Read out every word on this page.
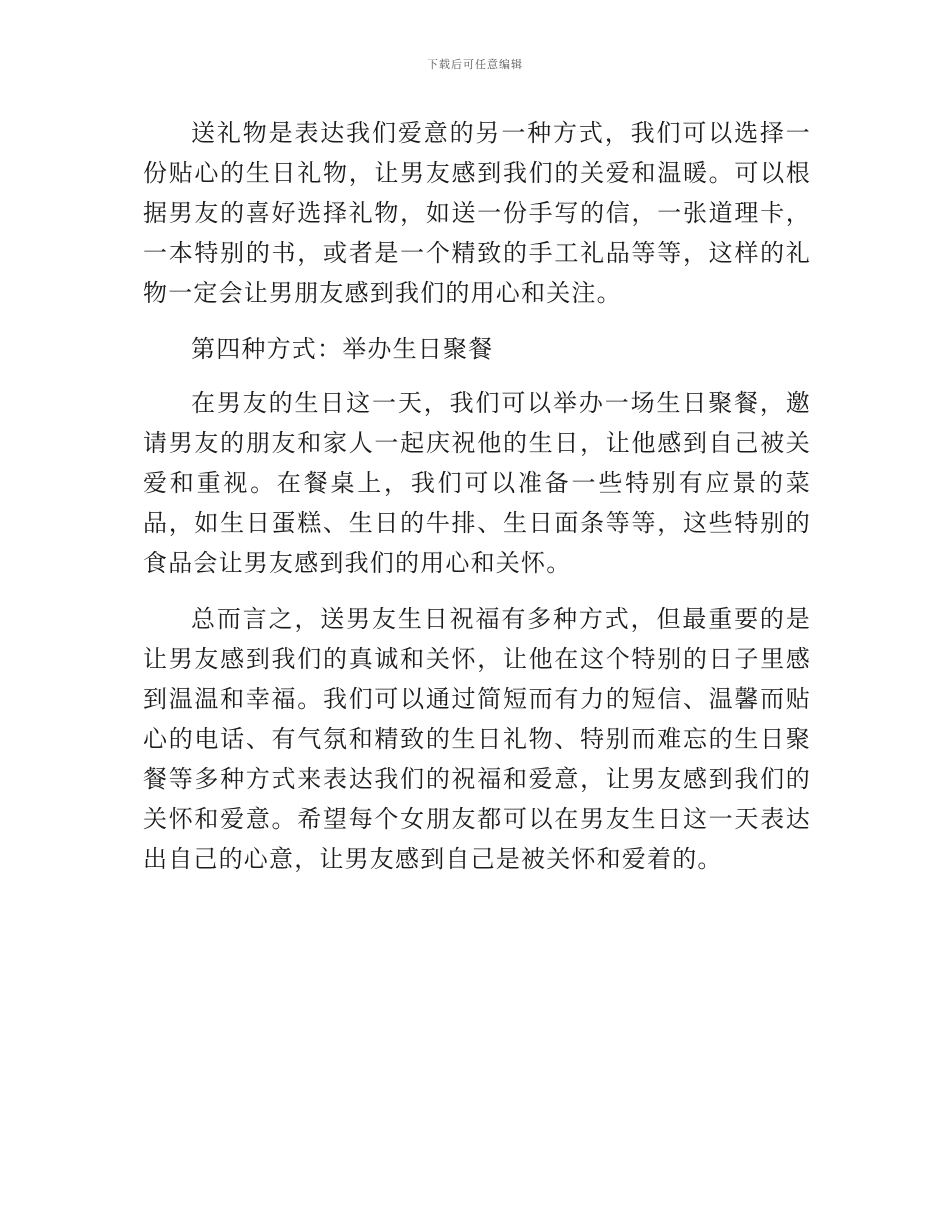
下载后可任意编辑

送礼物是表达我们爱意的另一种方式，我们可以选择一份贴心的生日礼物，让男友感到我们的关爱和温暖。可以根据男友的喜好选择礼物，如送一份手写的信，一张道理卡，一本特别的书，或者是一个精致的手工礼品等等，这样的礼物一定会让男朋友感到我们的用心和关注。

第四种方式：举办生日聚餐

在男友的生日这一天，我们可以举办一场生日聚餐，邀请男友的朋友和家人一起庆祝他的生日，让他感到自己被关爱和重视。在餐桌上，我们可以准备一些特别有应景的菜品，如生日蛋糕、生日的牛排、生日面条等等，这些特别的食品会让男友感到我们的用心和关怀。

总而言之，送男友生日祝福有多种方式，但最重要的是让男友感到我们的真诚和关怀，让他在这个特别的日子里感到温温和幸福。我们可以通过简短而有力的短信、温馨而贴心的电话、有气氛和精致的生日礼物、特别而难忘的生日聚餐等多种方式来表达我们的祝福和爱意，让男友感到我们的关怀和爱意。希望每个女朋友都可以在男友生日这一天表达出自己的心意，让男友感到自己是被关怀和爱着的。
